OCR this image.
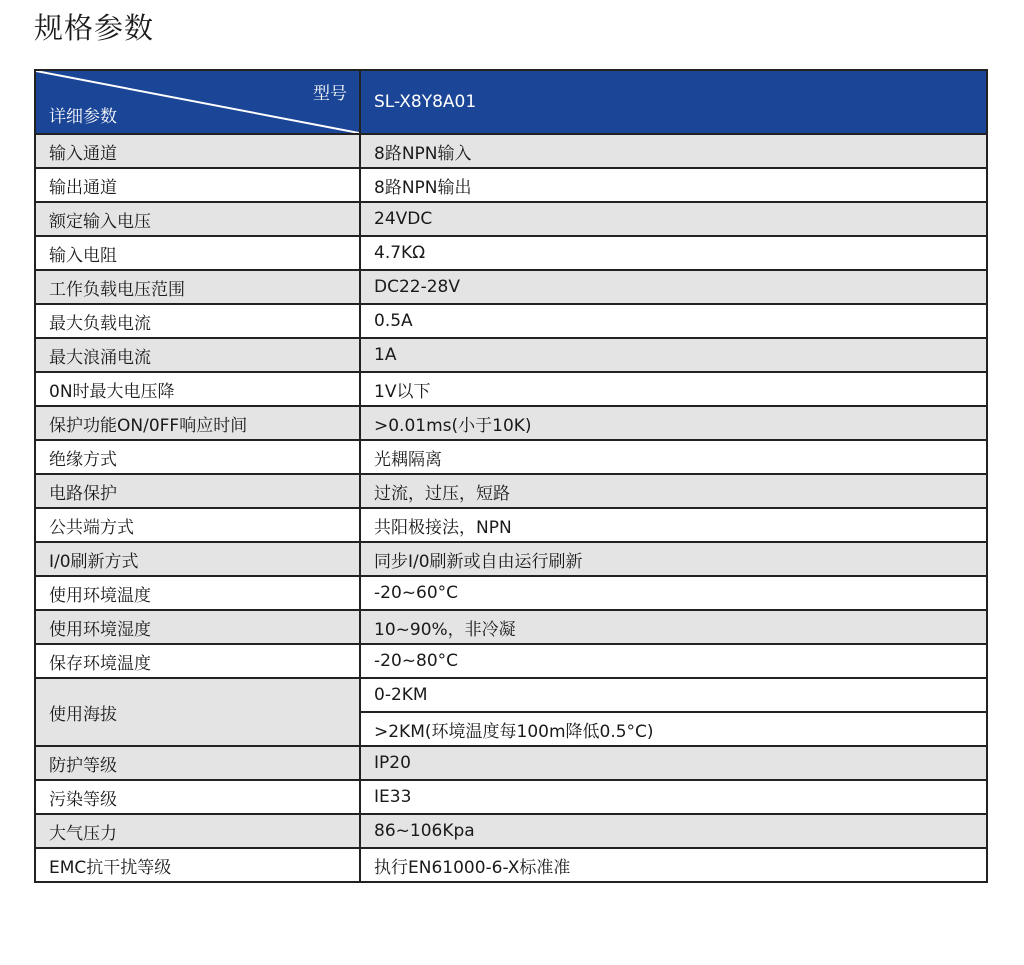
规格参数
型号
详细参数	SL-X8Y8A01
输入通道	8路NPN输入
输出通道	8路NPN输出
额定输入电压	24VDC
输入电阻	4.7KΩ
工作负载电压范围	DC22-28V
最大负载电流	0.5A
最大浪涌电流	1A
0N时最大电压降	1V以下
保护功能ON/0FF响应时间	>0.01ms(小于10K)
绝缘方式	光耦隔离
电路保护	过流，过压，短路
公共端方式	共阳极接法，NPN
I/0刷新方式	同步I/0刷新或自由运行刷新
使用环境温度	-20~60°C
使用环境湿度	10~90%，非冷凝
保存环境温度	-20~80°C
使用海拔	0-2KM
	>2KM(环境温度每100m降低0.5°C)
防护等级	IP20
污染等级	IE33
大气压力	86~106Kpa
EMC抗干扰等级	执行EN61000-6-X标准准
